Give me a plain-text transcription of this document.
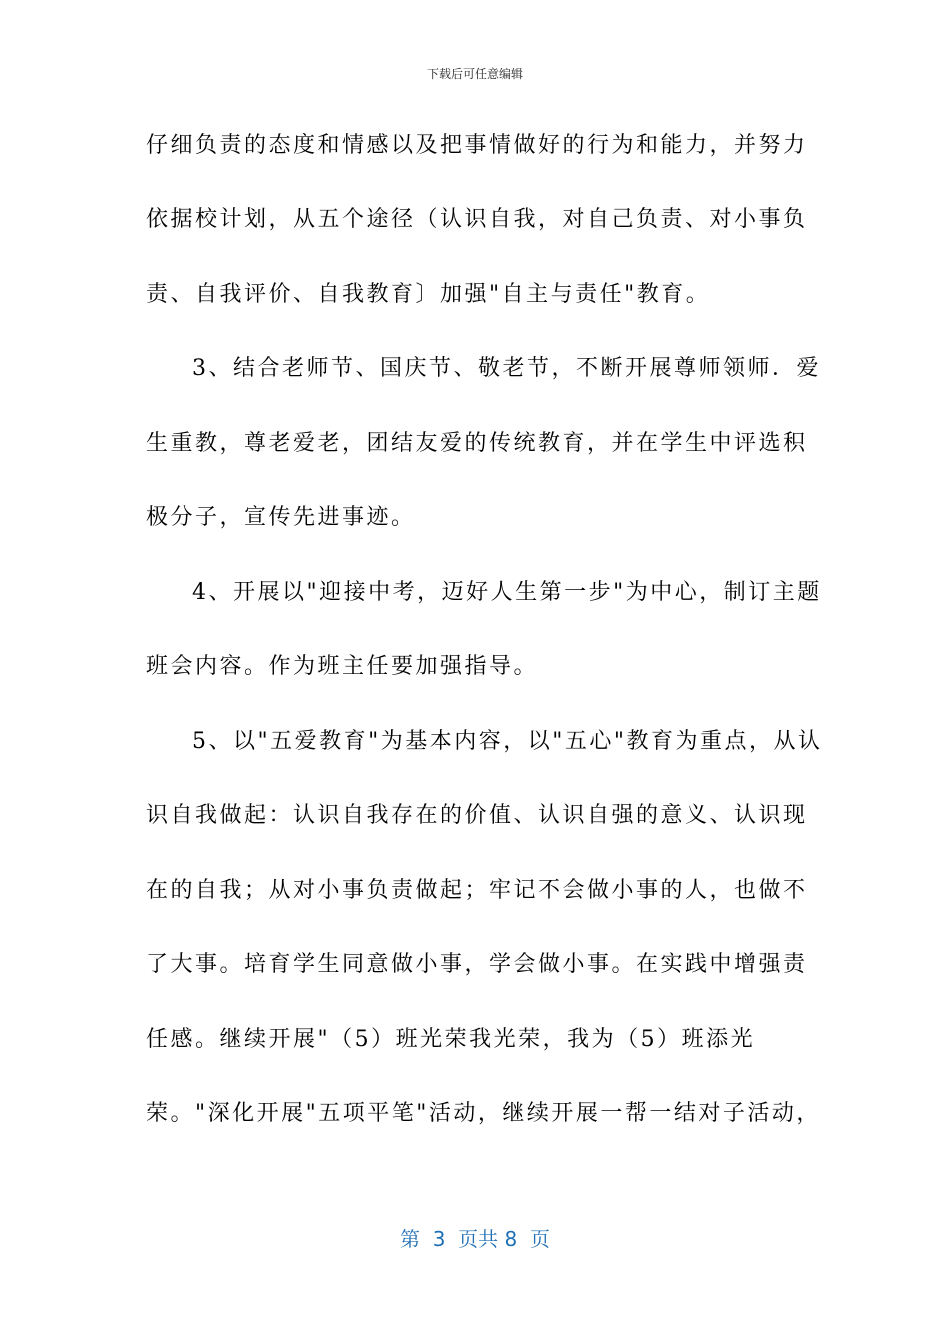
下载后可任意编辑
仔细负责的态度和情感以及把事情做好的行为和能力，并努力
依据校计划，从五个途径（认识自我，对自己负责、对小事负
责、自我评价、自我教育〕加强"自主与责任"教育。
3、结合老师节、国庆节、敬老节，不断开展尊师领师．爱
生重教，尊老爱老，团结友爱的传统教育，并在学生中评选积
极分子，宣传先进事迹。
4、开展以"迎接中考，迈好人生第一步"为中心，制订主题
班会内容。作为班主任要加强指导。
5、以"五爱教育"为基本内容，以"五心"教育为重点，从认
识自我做起：认识自我存在的价值、认识自强的意义、认识现
在的自我；从对小事负责做起；牢记不会做小事的人，也做不
了大事。培育学生同意做小事，学会做小事。在实践中增强责
任感。继续开展"（5）班光荣我光荣，我为（5）班添光
荣。"深化开展"五项平笔"活动，继续开展一帮一结对子活动，
第  3  页共 8  页
